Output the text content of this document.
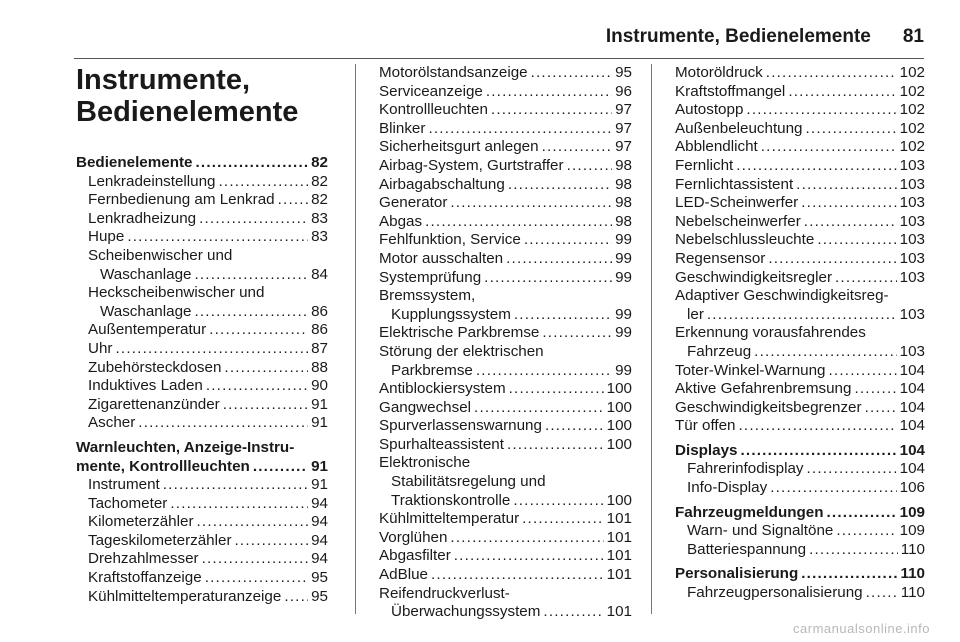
Instrumente, Bedienelemente 81
Instrumente,
Bedienelemente
Bedienelemente .....	82
Lenkradeinstellung .....	82
Fernbedienung am Lenkrad ..... 82
Lenkradheizung .....	83
Hupe .....	83
Scheibenwischer und
Waschanlage .....	84
Heckscheibenwischer und
Waschanlage .....	86
Außentemperatur .....	86
Uhr .....	87
Zubehörsteckdosen .....	88
Induktives Laden .....	90
Zigarettenanzünder .....	91
Ascher .....	91
Warnleuchten, Anzeige-Instru-
mente, Kontrollleuchten .....	91
Instrument .....	91
Tachometer .....	94
Kilometerzähler .....	94
Tageskilometerzähler .....	94
Drehzahlmesser .....	94
Kraftstoffanzeige .....	95
Kühlmitteltemperaturanzeige ..... 95
Motorölstandsanzeige .....	95
Serviceanzeige .....	96
Kontrollleuchten .....	97
Blinker .....	97
Sicherheitsgurt anlegen .....	97
Airbag-System, Gurtstraffer .....	98
Airbagabschaltung .....	98
Generator .....	98
Abgas .....	98
Fehlfunktion, Service .....	99
Motor ausschalten .....	99
Systemprüfung .....	99
Bremssystem,
Kupplungssystem .....	99
Elektrische Parkbremse .....	99
Störung der elektrischen
Parkbremse .....	99
Antiblockiersystem .....	100
Gangwechsel .....	100
Spurverlassenswarnung .....	100
Spurhalteassistent .....	100
Elektronische
Stabilitätsregelung und
Traktionskontrolle .....	100
Kühlmitteltemperatur .....	101
Vorglühen .....	101
Abgasfilter .....	101
AdBlue .....	101
Reifendruckverlust-
Überwachungssystem .....	101
Motoröldruck .....	102
Kraftstoffmangel .....	102
Autostopp .....	102
Außenbeleuchtung .....	102
Abblendlicht .....	102
Fernlicht .....	103
Fernlichtassistent .....	103
LED-Scheinwerfer .....	103
Nebelscheinwerfer .....	103
Nebelschlussleuchte .....	103
Regensensor .....	103
Geschwindigkeitsregler .....	103
Adaptiver Geschwindigkeitsreg-
ler .....	103
Erkennung vorausfahrendes
Fahrzeug .....	103
Toter-Winkel-Warnung .....	104
Aktive Gefahrenbremsung .....	104
Geschwindigkeitsbegrenzer .....	104
Tür offen .....	104
Displays .....	104
Fahrerinfodisplay .....	104
Info-Display .....	106
Fahrzeugmeldungen .....	109
Warn- und Signaltöne .....	109
Batteriespannung .....	110
Personalisierung .....	110
Fahrzeugpersonalisierung .....	110
carmanualsonline.info
